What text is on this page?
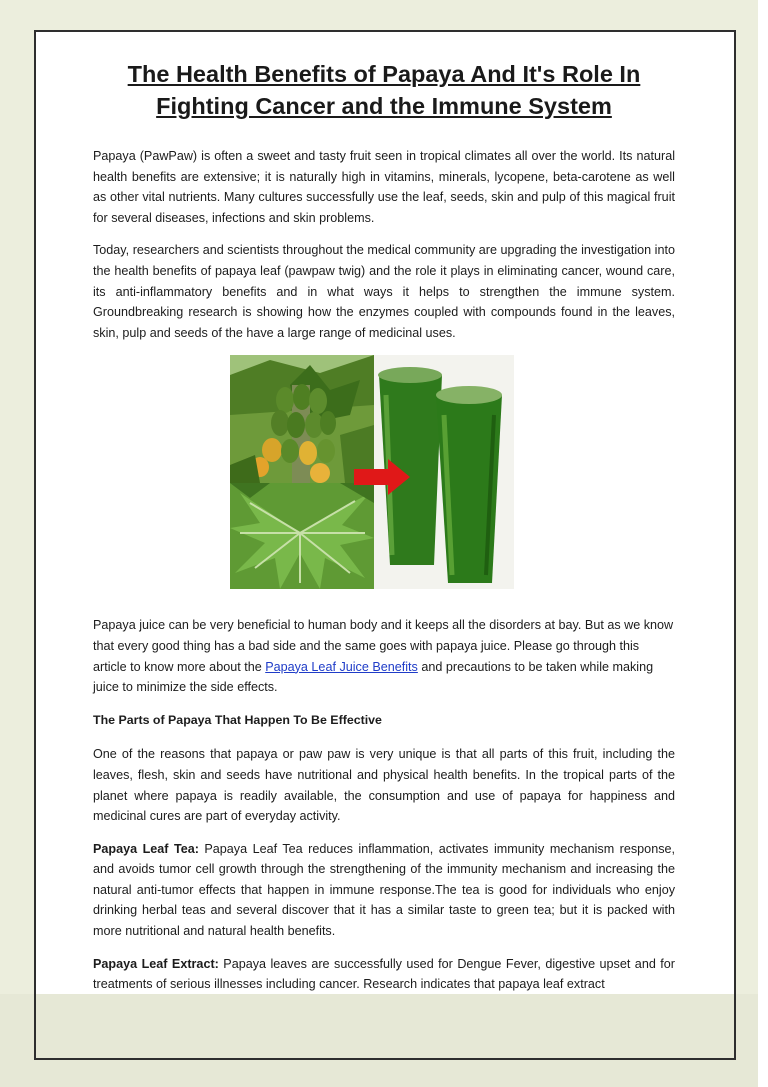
The Health Benefits of Papaya And It's Role In Fighting Cancer and the Immune System

Papaya (PawPaw) is often a sweet and tasty fruit seen in tropical climates all over the world. Its natural health benefits are extensive; it is naturally high in vitamins, minerals, lycopene, beta-carotene as well as other vital nutrients. Many cultures successfully use the leaf, seeds, skin and pulp of this magical fruit for several diseases, infections and skin problems.

Today, researchers and scientists throughout the medical community are upgrading the investigation into the health benefits of papaya leaf (pawpaw twig) and the role it plays in eliminating cancer, wound care, its anti-inflammatory benefits and in what ways it helps to strengthen the immune system. Groundbreaking research is showing how the enzymes coupled with compounds found in the leaves, skin, pulp and seeds of the have a large range of medicinal uses.

Papaya juice can be very beneficial to human body and it keeps all the disorders at bay. But as we know that every good thing has a bad side and the same goes with papaya juice. Please go through this article to know more about the Papaya Leaf Juice Benefits and precautions to be taken while making juice to minimize the side effects.

The Parts of Papaya That Happen To Be Effective

One of the reasons that papaya or paw paw is very unique is that all parts of this fruit, including the leaves, flesh, skin and seeds have nutritional and physical health benefits. In the tropical parts of the planet where papaya is readily available, the consumption and use of papaya for happiness and medicinal cures are part of everyday activity.

Papaya Leaf Tea: Papaya Leaf Tea reduces inflammation, activates immunity mechanism response, and avoids tumor cell growth through the strengthening of the immunity mechanism and increasing the natural anti-tumor effects that happen in immune response.The tea is good for individuals who enjoy drinking herbal teas and several discover that it has a similar taste to green tea; but it is packed with more nutritional and natural health benefits.

Papaya Leaf Extract: Papaya leaves are successfully used for Dengue Fever, digestive upset and for treatments of serious illnesses including cancer. Research indicates that papaya leaf extract
